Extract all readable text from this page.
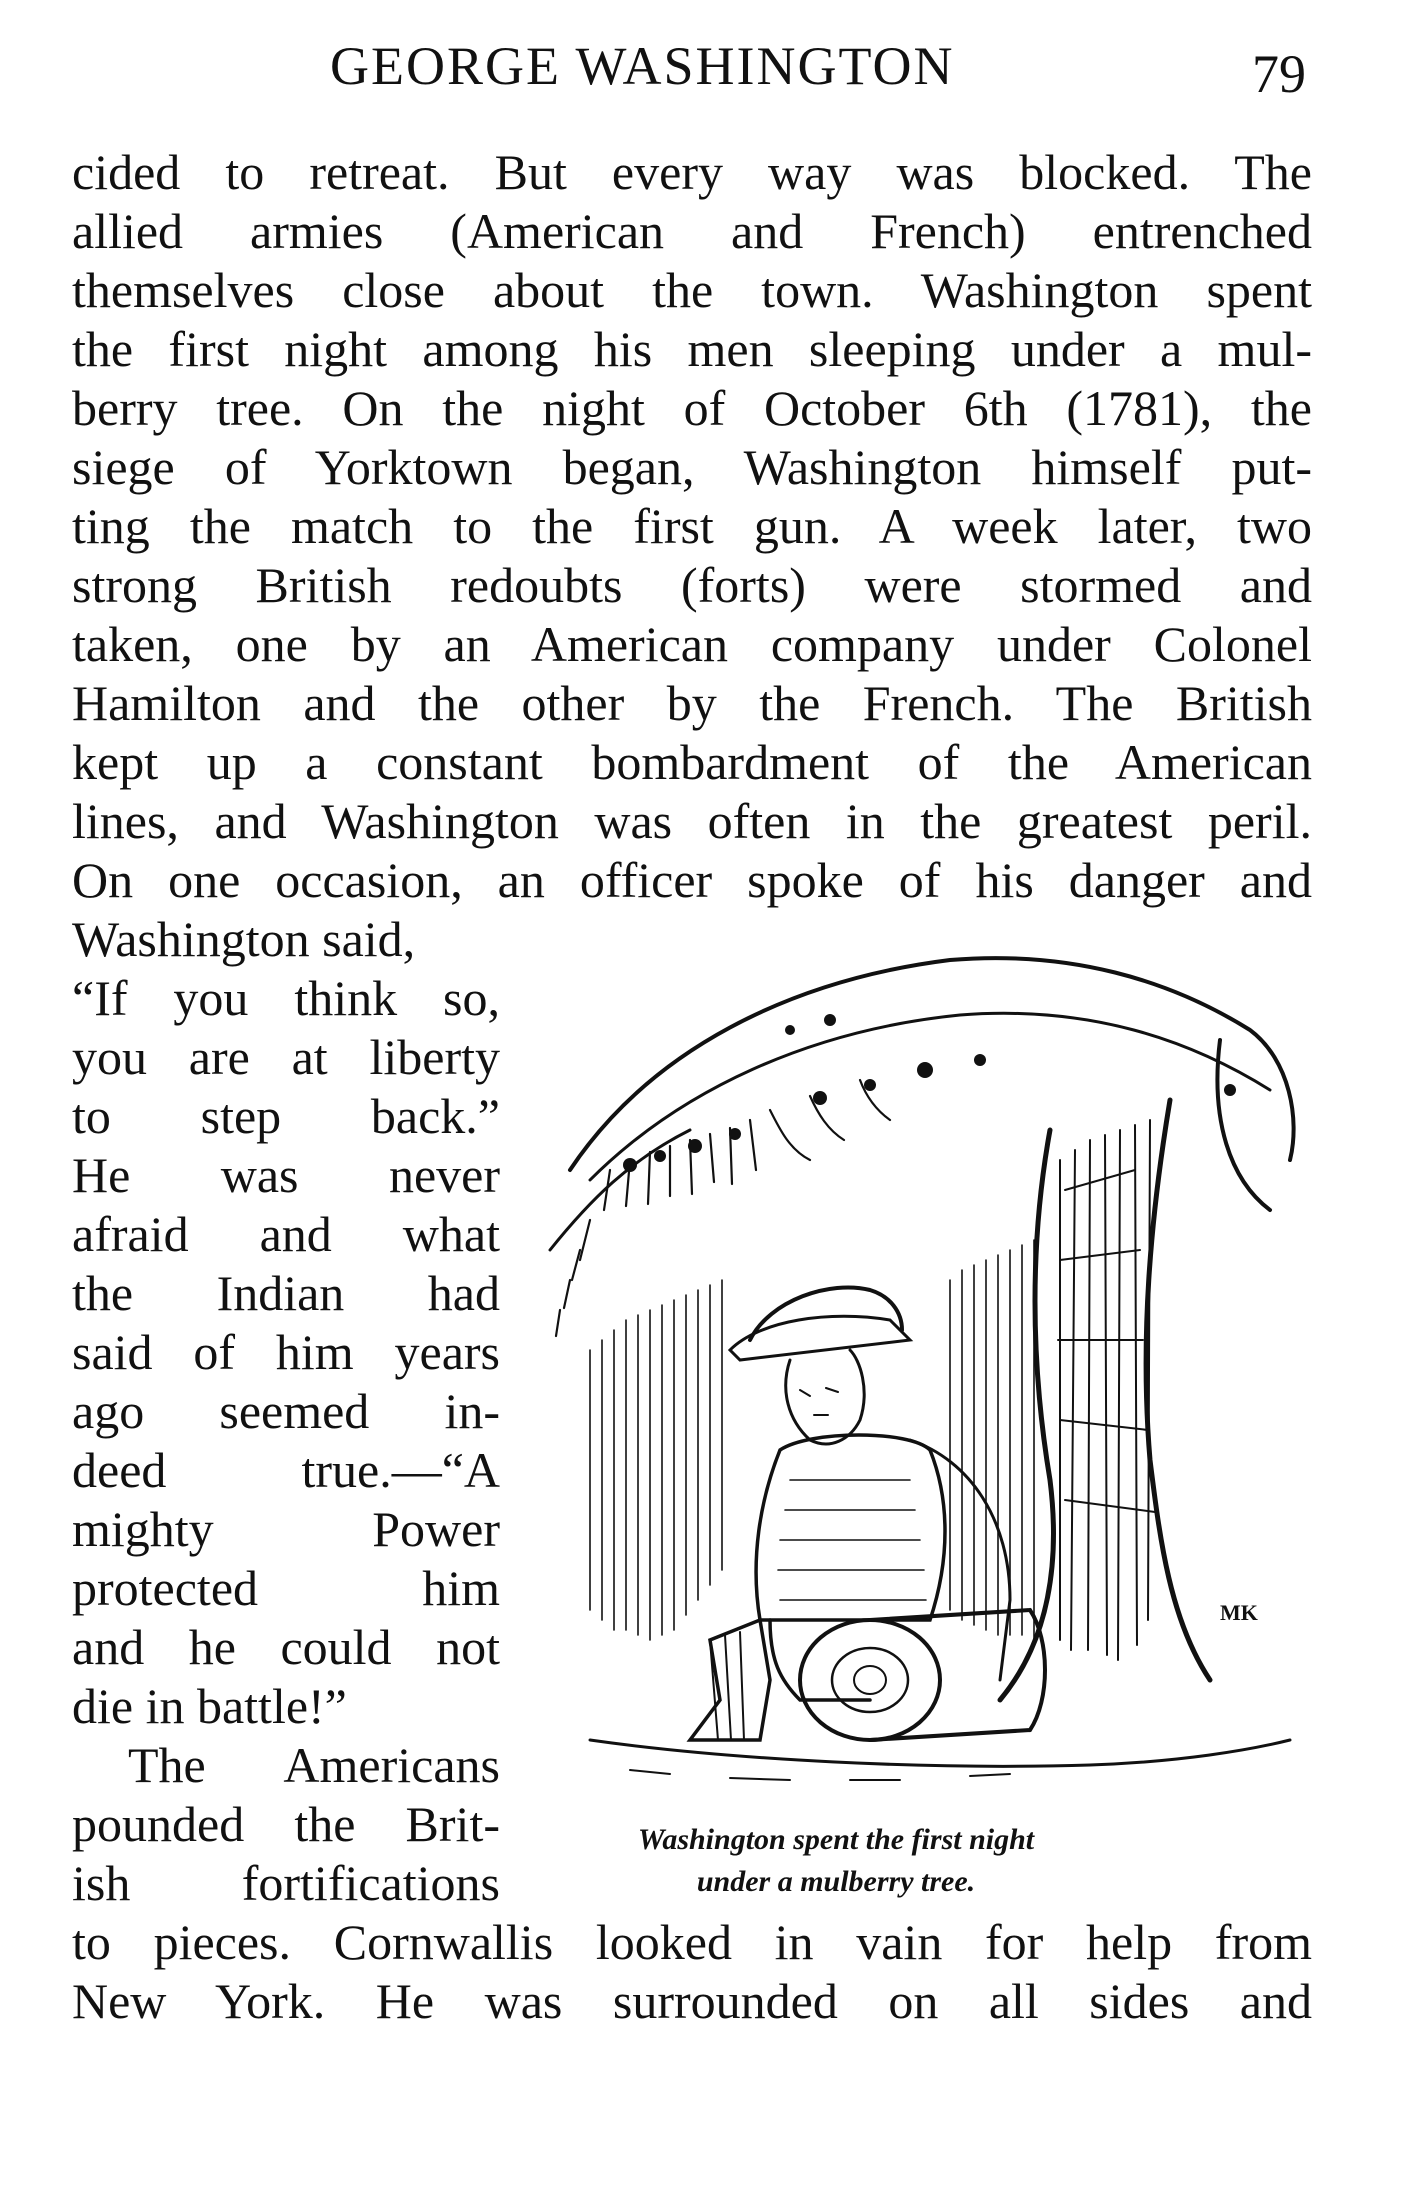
GEORGE WASHINGTON	79
cided to retreat. But every way was blocked. The
allied armies (American and French) entrenched
themselves close about the town. Washington spent
the first night among his men sleeping under a mul-
berry tree. On the night of October 6th (1781), the
siege of Yorktown began, Washington himself put-
ting the match to the first gun. A week later, two
strong British redoubts (forts) were stormed and
taken, one by an American company under Colonel
Hamilton and the other by the French. The British
kept up a constant bombardment of the American
lines, and Washington was often in the greatest peril.
On one occasion, an officer spoke of his danger and
Washington said,
“If you think so,
you are at liberty
to step back.”
He was never
afraid and what
the Indian had
said of him years
ago seemed in-
deed true.—“A
mighty Power
protected him
and he could not
die in battle!”
The Americans
pounded the Brit-
ish fortifications
to pieces. Cornwallis looked in vain for help from
New York. He was surrounded on all sides and
MK
Washington spent the first night
under a mulberry tree.
